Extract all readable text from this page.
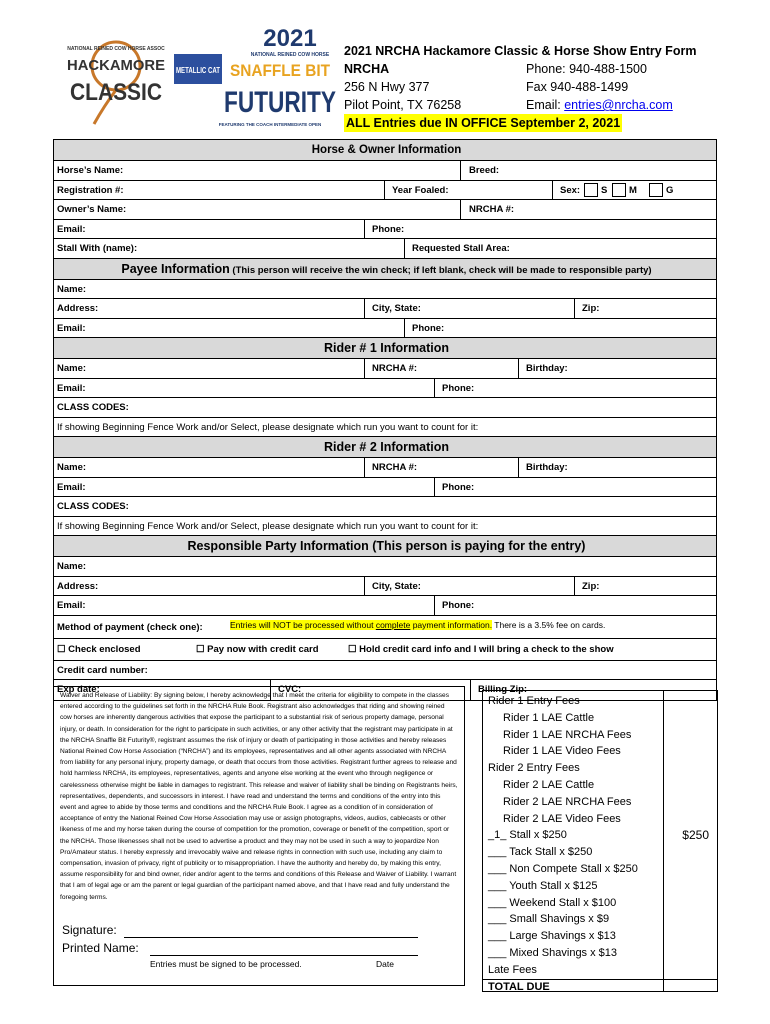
NATIONAL REINED COW HORSE ASSOC
HACKAMORE
CLASSIC
2021
NATIONAL REINED COW HORSE
METALLIC CAT SNAFFLE BIT
FUTURITY
FEATURING THE COACH INTERMEDIATE OPEN
2021 NRCHA Hackamore Classic & Horse Show Entry Form
NRCHA	Phone: 940-488-1500
256 N Hwy 377	Fax 940-488-1499
Pilot Point, TX 76258	Email: entries@nrcha.com
ALL Entries due IN OFFICE September 2, 2021
Horse & Owner Information
Horse’s Name:	Breed:
Registration #:	Year Foaled:	Sex: S M	G
Owner’s Name:	NRCHA #:
Email:	Phone:
Stall With (name):	Requested Stall Area:
Payee Information (This person will receive the win check; if left blank, check will be made to responsible party)
Name:
Address:	City, State:	Zip:
Email:	Phone:
Rider # 1 Information
Name:	NRCHA #:	Birthday:
Email:	Phone:
CLASS CODES:
If showing Beginning Fence Work and/or Select, please designate which run you want to count for it:
Rider # 2 Information
Name:	NRCHA #:	Birthday:
Email:	Phone:
CLASS CODES:
If showing Beginning Fence Work and/or Select, please designate which run you want to count for it:
Responsible Party Information (This person is paying for the entry)
Name:
Address:	City, State:	Zip:
Email:	Phone:
Method of payment (check one):	Entries will NOT be processed without complete payment information. There is a 3.5% fee on cards.
☐ Check enclosed	☐ Pay now with credit card	☐ Hold credit card info and I will bring a check to the show
Credit card number:
Exp date:	CVC:	Billing Zip:

Waiver and Release of Liability: By signing below, I hereby acknowledge that I meet the criteria for eligibility to compete in the classes entered according to the guidelines set forth in the NRCHA Rule Book. Registrant also acknowledges that riding and showing reined cow horses are inherently dangerous activities that expose the participant to a substantial risk of serious property damage, personal injury, or death. In consideration for the right to participate in such activities, or any other activity that the registrant may participate in at the NRCHA Snaffle Bit Futurity®, registrant assumes the risk of injury or death of participating in those activities and hereby releases National Reined Cow Horse Association (“NRCHA”) and its employees, representatives and all other agents associated with NRCHA from liability for any personal injury, property damage, or death that occurs from those activities. Registrant further agrees to release and hold harmless NRCHA, its employees, representatives, agents and anyone else working at the event who through negligence or carelessness otherwise might be liable in damages to registrant. This release and waiver of liability shall be binding on Registrants heirs, representatives, dependents, and successors in interest. I have read and understand the terms and conditions of the entry into this event and agree to abide by those terms and conditions and the NRCHA Rule Book. I agree as a condition of in consideration of acceptance of entry the National Reined Cow Horse Association may use or assign photographs, videos, audios, cablecasts or other likeness of me and my horse taken during the course of competition for the promotion, coverage or benefit of the competition, sport or the NRCHA. Those likenesses shall not be used to advertise a product and they may not be used in such a way to jeopardize Non Pro/Amateur status. I hereby expressly and irrevocably waive and release rights in connection with such use, including any claim to compensation, invasion of privacy, right of publicity or to misappropriation. I have the authority and hereby do, by making this entry, assume responsibility for and bind owner, rider and/or agent to the terms and conditions of this Release and Waiver of Liability. I warrant that I am of legal age or am the parent or legal guardian of the participant named above, and that I have read and fully understand the foregoing terms.

Signature:
Printed Name:
Entries must be signed to be processed.	Date
Rider 1 Entry Fees
Rider 1 LAE Cattle
Rider 1 LAE NRCHA Fees
Rider 1 LAE Video Fees
Rider 2 Entry Fees
Rider 2 LAE Cattle
Rider 2 LAE NRCHA Fees
Rider 2 LAE Video Fees
_1_ Stall x $250	$250
___ Tack Stall x $250
___ Non Compete Stall x $250
___ Youth Stall x $125
___ Weekend Stall x $100
___ Small Shavings x $9
___ Large Shavings x $13
___ Mixed Shavings x $13
Late Fees
TOTAL DUE
